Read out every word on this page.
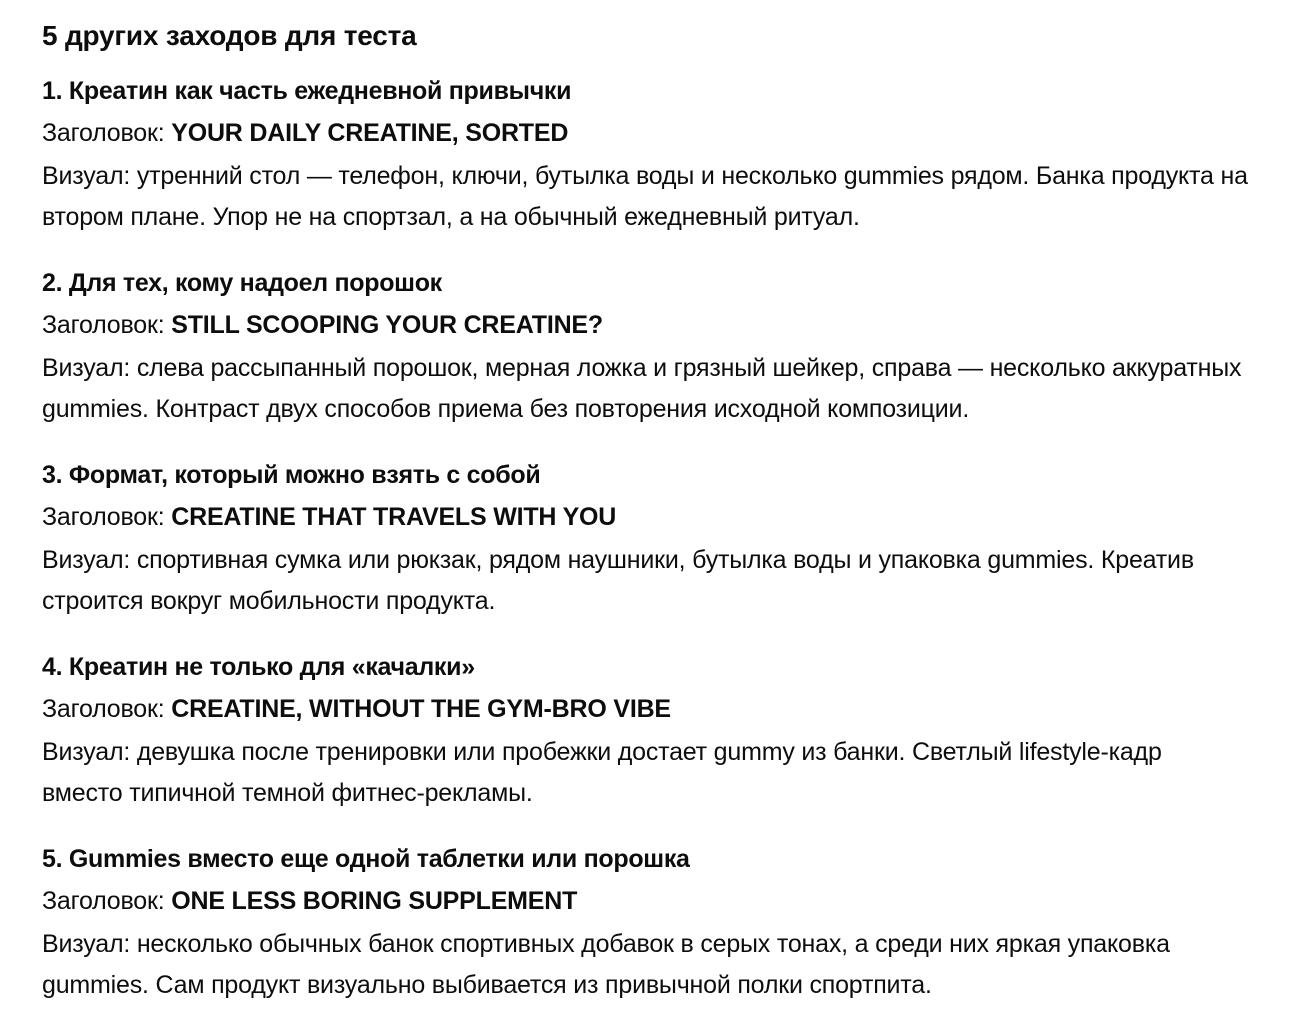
5 других заходов для теста
1. Креатин как часть ежедневной привычки
Заголовок: YOUR DAILY CREATINE, SORTED
Визуал: утренний стол — телефон, ключи, бутылка воды и несколько gummies рядом. Банка продукта на втором плане. Упор не на спортзал, а на обычный ежедневный ритуал.
2. Для тех, кому надоел порошок
Заголовок: STILL SCOOPING YOUR CREATINE?
Визуал: слева рассыпанный порошок, мерная ложка и грязный шейкер, справа — несколько аккуратных gummies. Контраст двух способов приема без повторения исходной композиции.
3. Формат, который можно взять с собой
Заголовок: CREATINE THAT TRAVELS WITH YOU
Визуал: спортивная сумка или рюкзак, рядом наушники, бутылка воды и упаковка gummies. Креатив строится вокруг мобильности продукта.
4. Креатин не только для «качалки»
Заголовок: CREATINE, WITHOUT THE GYM-BRO VIBE
Визуал: девушка после тренировки или пробежки достает gummy из банки. Светлый lifestyle-кадр вместо типичной темной фитнес-рекламы.
5. Gummies вместо еще одной таблетки или порошка
Заголовок: ONE LESS BORING SUPPLEMENT
Визуал: несколько обычных банок спортивных добавок в серых тонах, а среди них яркая упаковка gummies. Сам продукт визуально выбивается из привычной полки спортпита.
